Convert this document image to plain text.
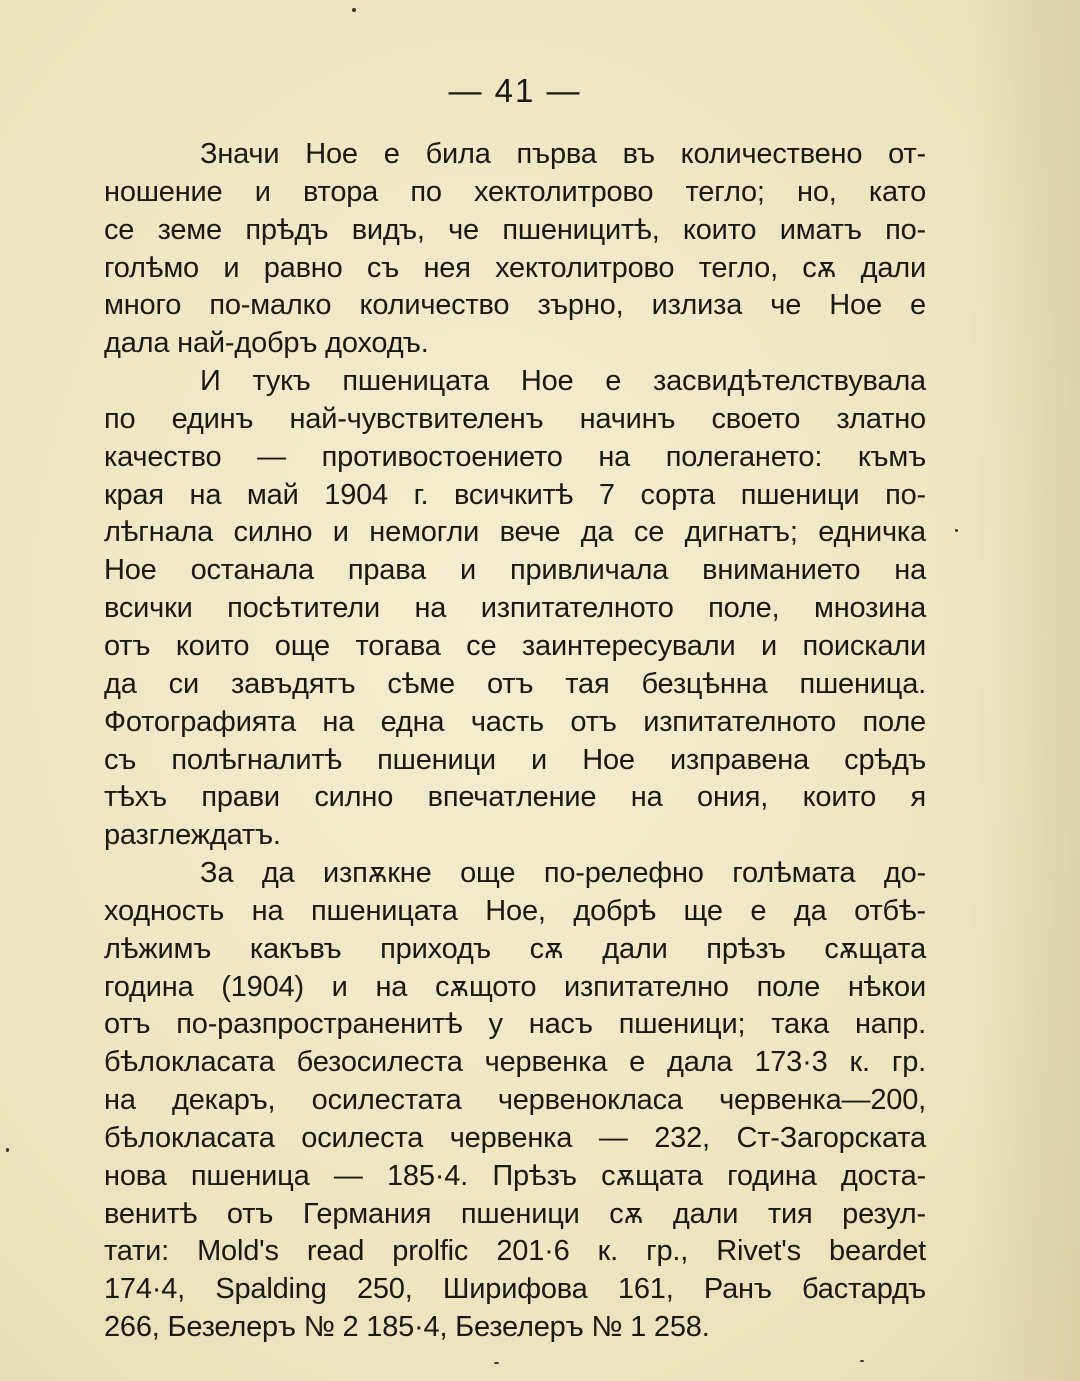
— 41 —
Значи Ное е била първа въ количествено от-
ношение и втора по хектолитрово тегло; но, като
се земе прѣдъ видъ, че пшеницитѣ, които иматъ по-
голѣмо и равно съ нея хектолитрово тегло, сѫ дали
много по-малко количество зърно, излиза че Ное е
дала най-добръ доходъ.
И тукъ пшеницата Ное е засвидѣтелствувала
по единъ най-чувствителенъ начинъ своето златно
качество — противостоението на полегането: къмъ
края на май 1904 г. всичкитѣ 7 сорта пшеници по-
лѣгнала силно и немогли вече да се дигнатъ; едничка
Ное останала права и привличала вниманието на
всички посѣтители на изпитателното поле, мнозина
отъ които още тогава се заинтересували и поискали
да си завъдятъ сѣме отъ тая безцѣнна пшеница.
Фотографията на една часть отъ изпитателното поле
съ полѣгналитѣ пшеници и Ное изправена срѣдъ
тѣхъ прави силно впечатление на ония, които я
разглеждатъ.
За да изпѫкне още по-релефно голѣмата до-
ходность на пшеницата Ное, добрѣ ще е да отбѣ-
лѣжимъ какъвъ приходъ сѫ дали прѣзъ сѫщата
година (1904) и на сѫщото изпитателно поле нѣкои
отъ по-разпространенитѣ у насъ пшеници; така напр.
бѣлокласата безосилеста червенка е дала 173·3 к. гр.
на декаръ, осилестата червенокласа червенка—200,
бѣлокласата осилеста червенка — 232, Ст-Загорската
нова пшеница — 185·4. Прѣзъ сѫщата година доста-
венитѣ отъ Германия пшеници сѫ дали тия резул-
тати: Mold's read prolfic 201·6 к. гр., Rivet's beardet
174·4, Spalding 250, Ширифова 161, Ранъ бастардъ
266, Безелеръ № 2 185·4, Безелеръ № 1 258.
